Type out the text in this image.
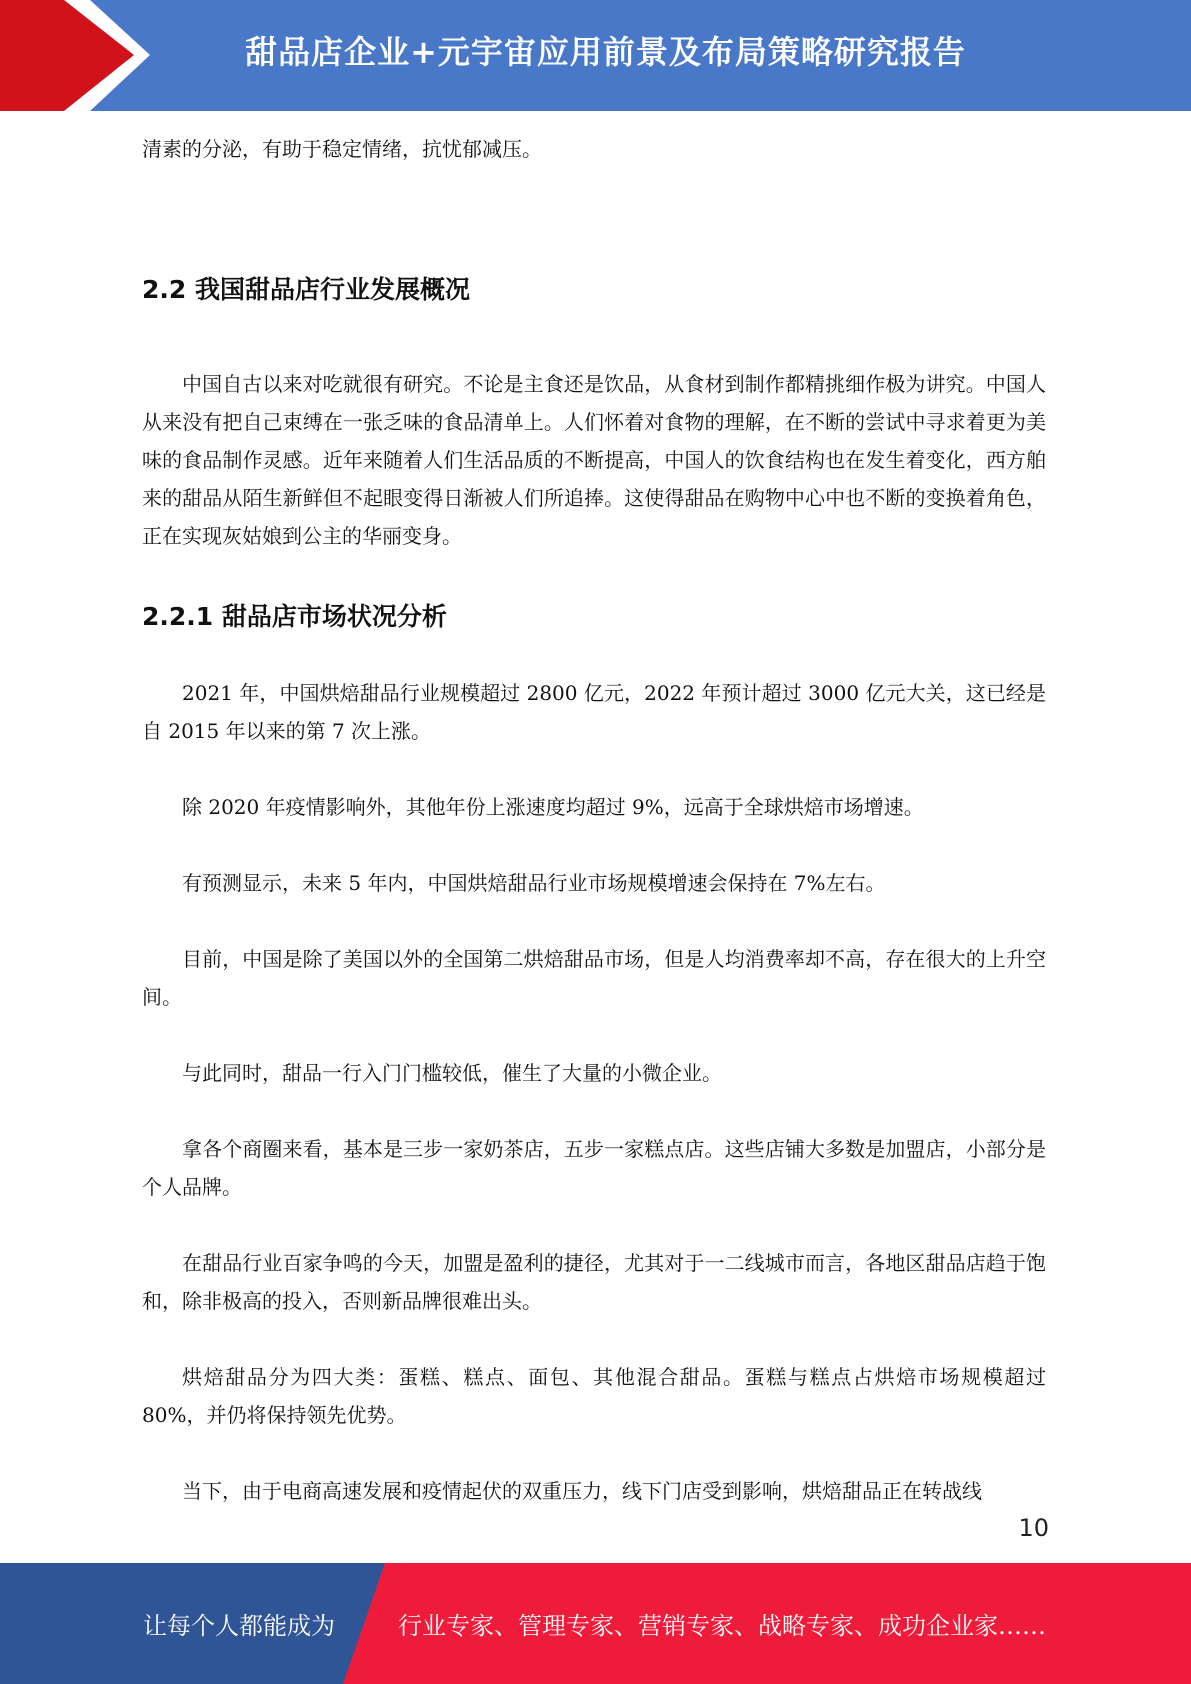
甜品店企业+元宇宙应用前景及布局策略研究报告

清素的分泌，有助于稳定情绪，抗忧郁减压。

2.2 我国甜品店行业发展概况

中国自古以来对吃就很有研究。不论是主食还是饮品，从食材到制作都精挑细作极为讲究。中国人从来没有把自己束缚在一张乏味的食品清单上。人们怀着对食物的理解，在不断的尝试中寻求着更为美味的食品制作灵感。近年来随着人们生活品质的不断提高，中国人的饮食结构也在发生着变化，西方舶来的甜品从陌生新鲜但不起眼变得日渐被人们所追捧。这使得甜品在购物中心中也不断的变换着角色，正在实现灰姑娘到公主的华丽变身。

2.2.1 甜品店市场状况分析

2021 年，中国烘焙甜品行业规模超过 2800 亿元，2022 年预计超过 3000 亿元大关，这已经是自 2015 年以来的第 7 次上涨。

除 2020 年疫情影响外，其他年份上涨速度均超过 9%，远高于全球烘焙市场增速。

有预测显示，未来 5 年内，中国烘焙甜品行业市场规模增速会保持在 7%左右。

目前，中国是除了美国以外的全国第二烘焙甜品市场，但是人均消费率却不高，存在很大的上升空间。

与此同时，甜品一行入门门槛较低，催生了大量的小微企业。

拿各个商圈来看，基本是三步一家奶茶店，五步一家糕点店。这些店铺大多数是加盟店，小部分是个人品牌。

在甜品行业百家争鸣的今天，加盟是盈利的捷径，尤其对于一二线城市而言，各地区甜品店趋于饱和，除非极高的投入，否则新品牌很难出头。

烘焙甜品分为四大类：蛋糕、糕点、面包、其他混合甜品。蛋糕与糕点占烘焙市场规模超过 80%，并仍将保持领先优势。

当下，由于电商高速发展和疫情起伏的双重压力，线下门店受到影响，烘焙甜品正在转战线

10
让每个人都能成为	行业专家、管理专家、营销专家、战略专家、成功企业家……
